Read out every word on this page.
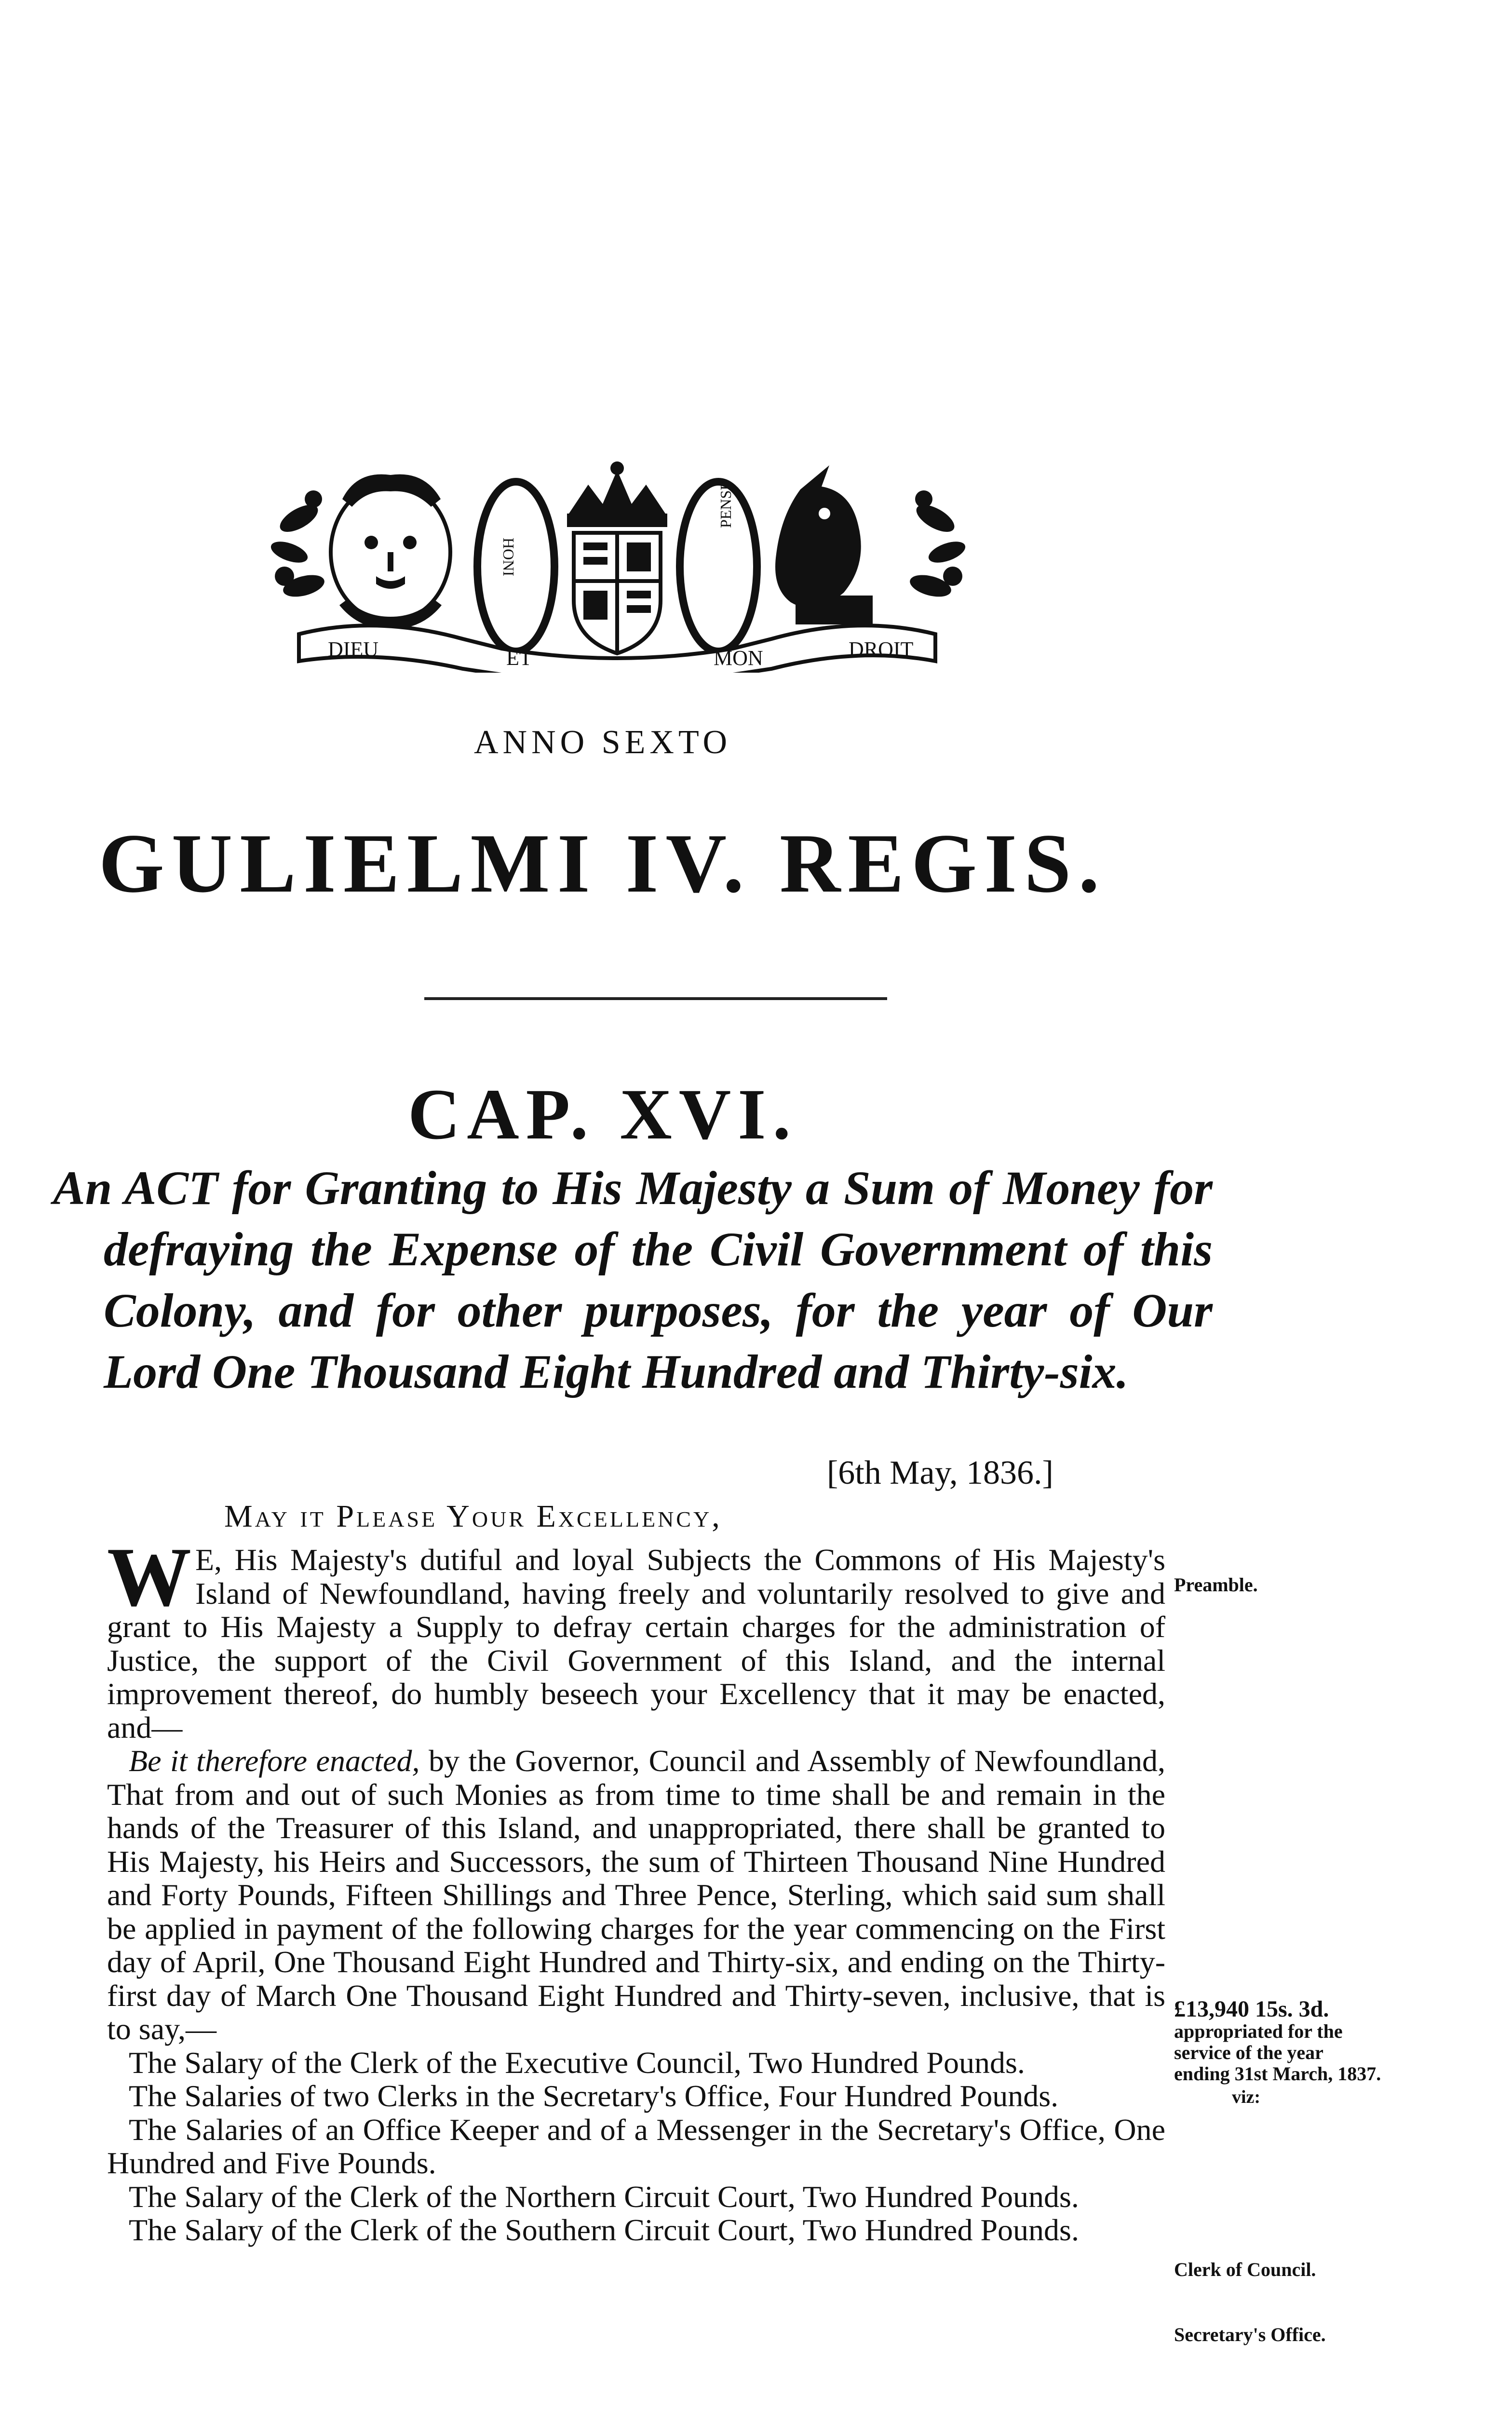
HONI
PENSE
DIEU	ET	MON	DROIT
ANNO SEXTO
GULIELMI IV. REGIS.
CAP. XVI.
An ACT for Granting to His Majesty a Sum of Money for defraying the Expense of the Civil Government of this Colony, and for other purposes, for the year of Our Lord One Thousand Eight Hundred and Thirty-six.
[6th May, 1836.]
May it Please Your Excellency,

W E, His Majesty's dutiful and loyal Subjects the Commons of His Majesty's Island of Newfoundland, having freely and voluntarily resolved to give and grant to His Majesty a Supply to defray certain charges for the administration of Justice, the support of the Civil Government of this Island, and the internal improvement thereof, do humbly beseech your Excellency that it may be enacted, and—

Be it therefore enacted, by the Governor, Council and Assembly of Newfoundland, That from and out of such Monies as from time to time shall be and remain in the hands of the Treasurer of this Island, and unappropriated, there shall be granted to His Majesty, his Heirs and Successors, the sum of Thirteen Thousand Nine Hundred and Forty Pounds, Fifteen Shillings and Three Pence, Sterling, which said sum shall be applied in payment of the following charges for the year commencing on the First day of April, One Thousand Eight Hundred and Thirty-six, and ending on the Thirty-first day of March One Thousand Eight Hundred and Thirty-seven, inclusive, that is to say,—

The Salary of the Clerk of the Executive Council, Two Hundred Pounds.

The Salaries of two Clerks in the Secretary's Office, Four Hundred Pounds.

The Salaries of an Office Keeper and of a Messenger in the Secretary's Office, One Hundred and Five Pounds.

The Salary of the Clerk of the Northern Circuit Court, Two Hundred Pounds.

The Salary of the Clerk of the Southern Circuit Court, Two Hundred Pounds.

Preamble.
£13,940 15s. 3d. appropriated for the service of the year ending 31st March, 1837.
viz:
Clerk of Council.
Secretary's Office.
